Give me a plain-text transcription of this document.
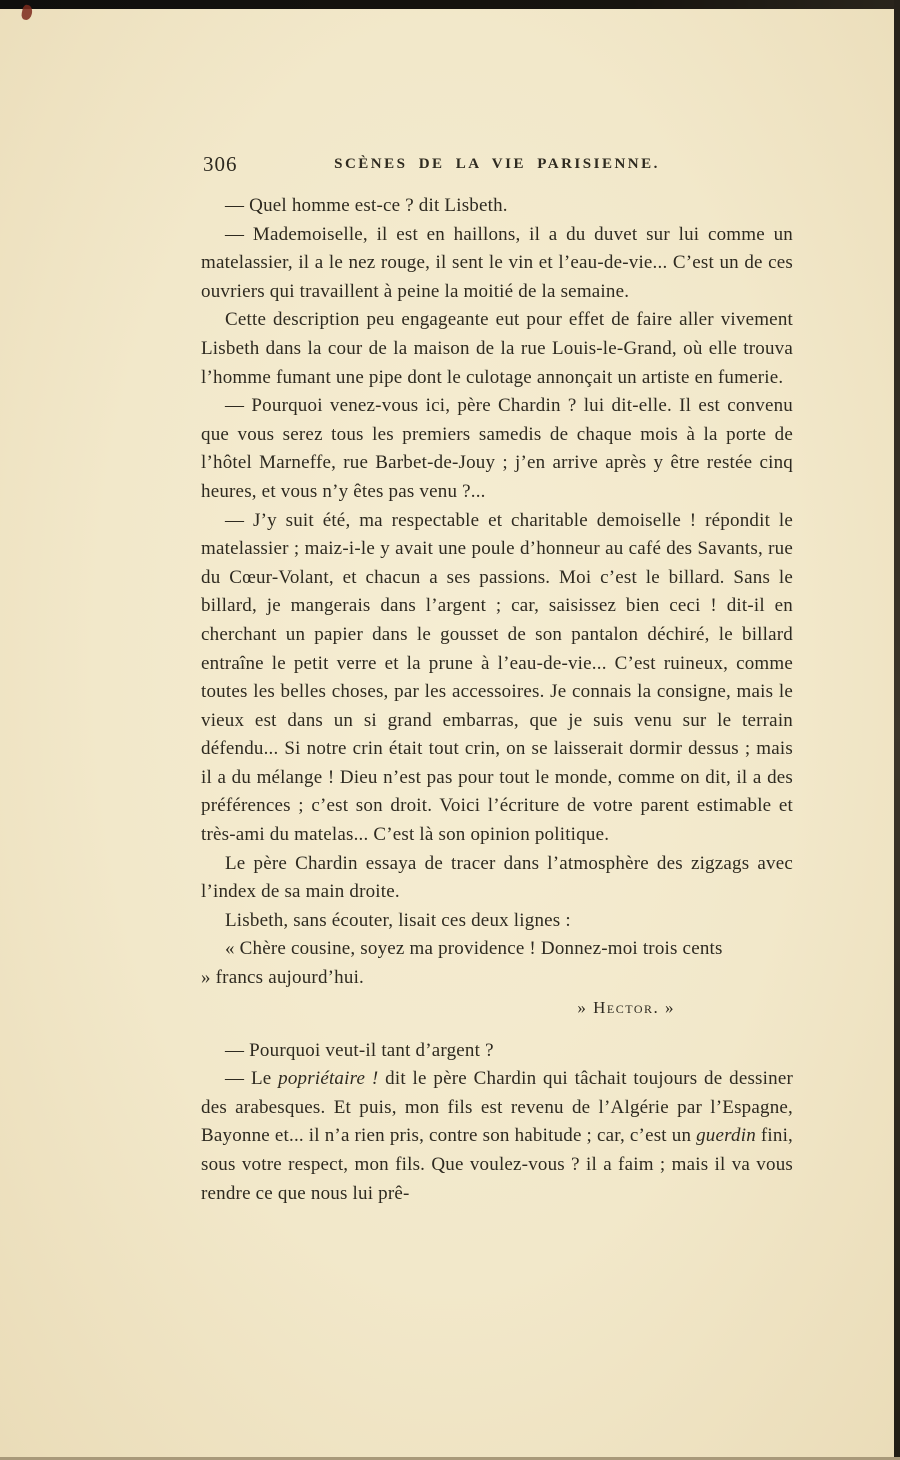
306	SCÈNES DE LA VIE PARISIENNE.

— Quel homme est-ce ? dit Lisbeth.

— Mademoiselle, il est en haillons, il a du duvet sur lui comme un matelassier, il a le nez rouge, il sent le vin et l’eau-de-vie... C’est un de ces ouvriers qui travaillent à peine la moitié de la semaine.

Cette description peu engageante eut pour effet de faire aller vivement Lisbeth dans la cour de la maison de la rue Louis-le-Grand, où elle trouva l’homme fumant une pipe dont le culotage annonçait un artiste en fumerie.

— Pourquoi venez-vous ici, père Chardin ? lui dit-elle. Il est convenu que vous serez tous les premiers samedis de chaque mois à la porte de l’hôtel Marneffe, rue Barbet-de-Jouy ; j’en arrive après y être restée cinq heures, et vous n’y êtes pas venu ?...

— J’y suit été, ma respectable et charitable demoiselle ! répondit le matelassier ; maiz-i-le y avait une poule d’honneur au café des Savants, rue du Cœur-Volant, et chacun a ses passions. Moi c’est le billard. Sans le billard, je mangerais dans l’argent ; car, saisissez bien ceci ! dit-il en cherchant un papier dans le gousset de son pantalon déchiré, le billard entraîne le petit verre et la prune à l’eau-de-vie... C’est ruineux, comme toutes les belles choses, par les accessoires. Je connais la consigne, mais le vieux est dans un si grand embarras, que je suis venu sur le terrain défendu... Si notre crin était tout crin, on se laisserait dormir dessus ; mais il a du mélange ! Dieu n’est pas pour tout le monde, comme on dit, il a des préférences ; c’est son droit. Voici l’écriture de votre parent estimable et très-ami du matelas... C’est là son opinion politique.

Le père Chardin essaya de tracer dans l’atmosphère des zigzags avec l’index de sa main droite.

Lisbeth, sans écouter, lisait ces deux lignes :

« Chère cousine, soyez ma providence ! Donnez-moi trois cents
» francs aujourd’hui.

» Hector. »

— Pourquoi veut-il tant d’argent ?

— Le popriétaire ! dit le père Chardin qui tâchait toujours de dessiner des arabesques. Et puis, mon fils est revenu de l’Algérie par l’Espagne, Bayonne et... il n’a rien pris, contre son habitude ; car, c’est un guerdin fini, sous votre respect, mon fils. Que voulez-vous ? il a faim ; mais il va vous rendre ce que nous lui prê-
